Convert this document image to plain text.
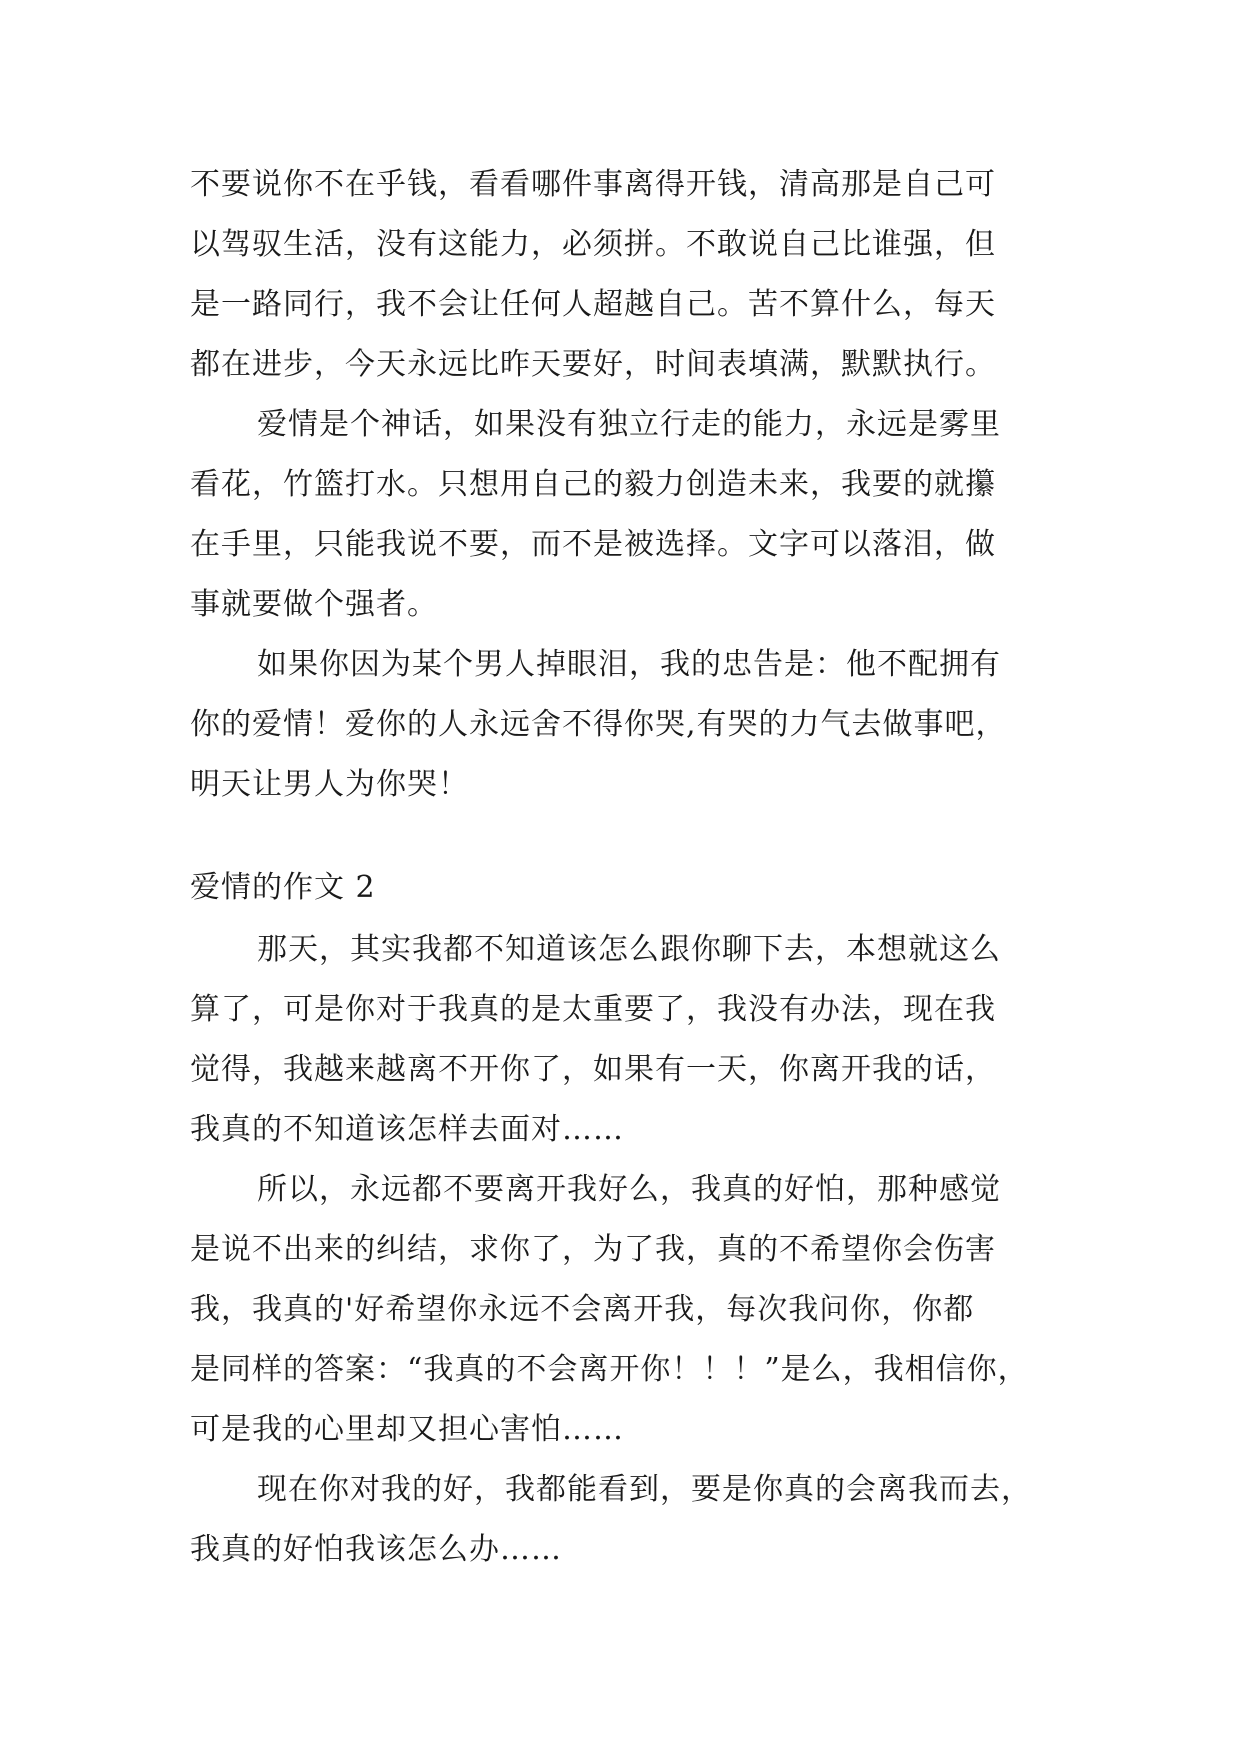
不要说你不在乎钱，看看哪件事离得开钱，清高那是自己可
以驾驭生活，没有这能力，必须拼。不敢说自己比谁强，但
是一路同行，我不会让任何人超越自己。苦不算什么，每天
都在进步，今天永远比昨天要好，时间表填满，默默执行。
爱情是个神话，如果没有独立行走的能力，永远是雾里
看花，竹篮打水。只想用自己的毅力创造未来，我要的就攥
在手里，只能我说不要，而不是被选择。文字可以落泪，做
事就要做个强者。
如果你因为某个男人掉眼泪，我的忠告是：他不配拥有
你的爱情！爱你的人永远舍不得你哭,有哭的力气去做事吧，
明天让男人为你哭！
爱情的作文 2
那天，其实我都不知道该怎么跟你聊下去，本想就这么
算了，可是你对于我真的是太重要了，我没有办法，现在我
觉得，我越来越离不开你了，如果有一天，你离开我的话，
我真的不知道该怎样去面对……
所以，永远都不要离开我好么，我真的好怕，那种感觉
是说不出来的纠结，求你了，为了我，真的不希望你会伤害
我，我真的'好希望你永远不会离开我，每次我问你，你都
是同样的答案：“我真的不会离开你！！！”是么，我相信你，
可是我的心里却又担心害怕……
现在你对我的好，我都能看到，要是你真的会离我而去，
我真的好怕我该怎么办……
